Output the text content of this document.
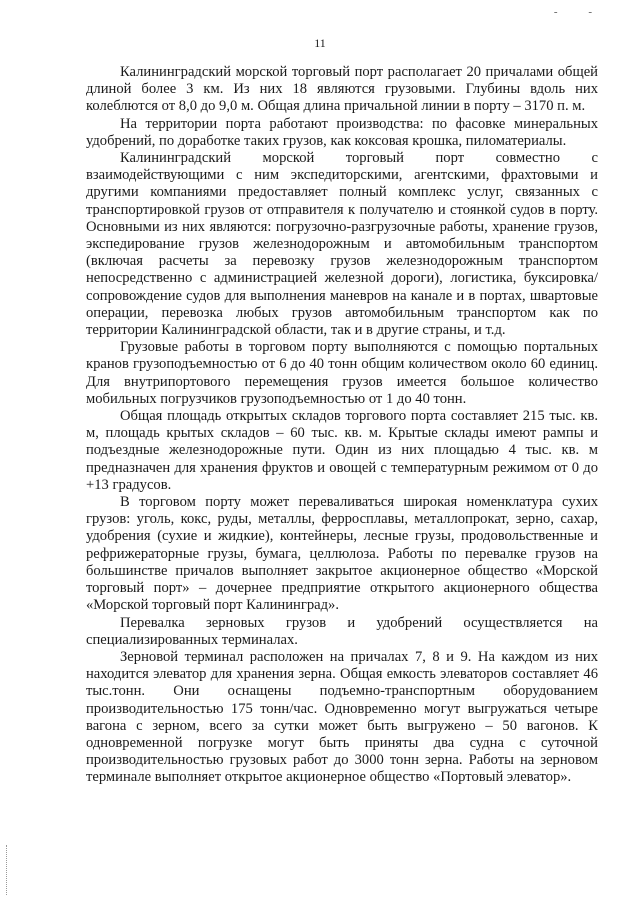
- -
11

Калининградский морской торговый порт располагает 20 причалами общей длиной более 3 км. Из них 18 являются грузовыми. Глубины вдоль них колеблются от 8,0 до 9,0 м. Общая длина причальной линии в порту – 3170 п. м.

На территории порта работают производства: по фасовке минеральных удобрений, по доработке таких грузов, как коксовая крошка, пиломатериалы.

Калининградский морской торговый порт совместно с взаимодействующими с ним экспедиторскими, агентскими, фрахтовыми и другими компаниями предоставляет полный комплекс услуг, связанных с транспортировкой грузов от отправителя к получателю и стоянкой судов в порту. Основными из них являются: погрузочно-разгрузочные работы, хранение грузов, экспедирование грузов железнодорожным и автомобильным транспортом (включая расчеты за перевозку грузов железнодорожным транспортом непосредственно с администрацией железной дороги), логистика, буксировка/сопровождение судов для выполнения маневров на канале и в портах, швартовые операции, перевозка любых грузов автомобильным транспортом как по территории Калининградской области, так и в другие страны, и т.д.

Грузовые работы в торговом порту выполняются с помощью портальных кранов грузоподъемностью от 6 до 40 тонн общим количеством около 60 единиц. Для внутрипортового перемещения грузов имеется большое количество мобильных погрузчиков грузоподъемностью от 1 до 40 тонн.

Общая площадь открытых складов торгового порта составляет 215 тыс. кв. м, площадь крытых складов – 60 тыс. кв. м. Крытые склады имеют рампы и подъездные железнодорожные пути. Один из них площадью 4 тыс. кв. м предназначен для хранения фруктов и овощей с температурным режимом от 0 до +13 градусов.

В торговом порту может переваливаться широкая номенклатура сухих грузов: уголь, кокс, руды, металлы, ферросплавы, металлопрокат, зерно, сахар, удобрения (сухие и жидкие), контейнеры, лесные грузы, продовольственные и рефрижераторные грузы, бумага, целлюлоза. Работы по перевалке грузов на большинстве причалов выполняет закрытое акционерное общество «Морской торговый порт» – дочернее предприятие открытого акционерного общества «Морской торговый порт Калининград».

Перевалка зерновых грузов и удобрений осуществляется на специализированных терминалах.

Зерновой терминал расположен на причалах 7, 8 и 9. На каждом из них находится элеватор для хранения зерна. Общая емкость элеваторов составляет 46 тыс.тонн. Они оснащены подъемно-транспортным оборудованием производительностью 175 тонн/час. Одновременно могут выгружаться четыре вагона с зерном, всего за сутки может быть выгружено – 50 вагонов. К одновременной погрузке могут быть приняты два судна с суточной производительностью грузовых работ до 3000 тонн зерна. Работы на зерновом терминале выполняет открытое акционерное общество «Портовый элеватор».
